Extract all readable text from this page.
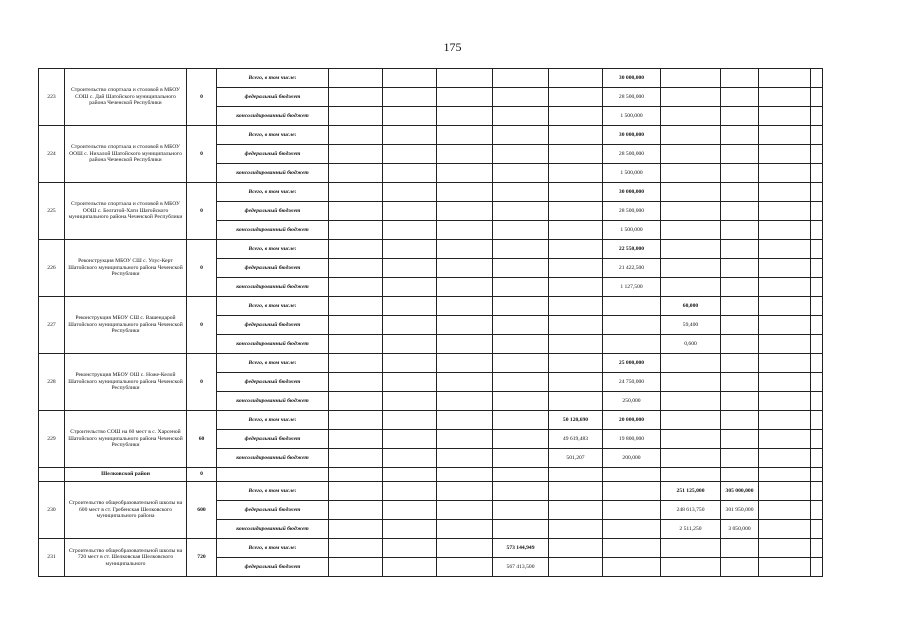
175
223	Строительство спортзала и столовой в МБОУ СОШ с. Дай Шатойского муниципального района Чеченской Республики	0	Всего, в том числе:						30 000,000				
			федеральный бюджет						28 500,000				
			консолидированный бюджет						1 500,000				
224	Строительство спортзала и столовой в МБОУ ООШ с. Нихалой Шатойского муниципального района Чеченской Республики	0	Всего, в том числе:						30 000,000				
			федеральный бюджет						28 500,000				
			консолидированный бюджет						1 500,000				
225	Строительство спортзала и столовой в МБОУ ООШ с. Белгатой-Хати Шатойского муниципального района Чеченской Республики	0	Всего, в том числе:						30 000,000				
			федеральный бюджет						28 500,000				
			консолидированный бюджет						1 500,000				
226	Реконструкция МБОУ СШ с. Улус-Керт Шатойского муниципального района Чеченской Республики	0	Всего, в том числе:						22 550,000				
			федеральный бюджет						21 422,500				
			консолидированный бюджет						1 127,500				
227	Реконструкция МБОУ СШ с. Вашендарой Шатойского муниципального района Чеченской Республики	0	Всего, в том числе:							60,000			
			федеральный бюджет							59,400			
			консолидированный бюджет							0,600			
228	Реконструкция МБОУ ОШ с. Ноже-Келой Шатойского муниципального района Чеченской Республики	0	Всего, в том числе:						25 000,000				
			федеральный бюджет						24 750,000				
			консолидированный бюджет						250,000				
229	Строительство СОШ на 60 мест в с. Харсеной Шатойского муниципального района Чеченской Республики	60	Всего, в том числе:					50 120,690	20 000,000				
			федеральный бюджет					49 619,483	19 800,000				
			консолидированный бюджет					501,207	200,000				
	Шелковской район	0											
230	Строительство общеобразовательной школы на 600 мест в ст. Гребенская Шелковского муниципального района	600	Всего, в том числе:							251 125,000	305 000,000		
			федеральный бюджет							248 613,750	301 950,000		
			консолидированный бюджет							2 511,250	3 050,000		
231	Строительство общеобразовательной школы на 720 мест в ст. Шелковская Шелковского муниципального	720	Всего, в том числе:				573 144,949						
			федеральный бюджет				567 413,500						
